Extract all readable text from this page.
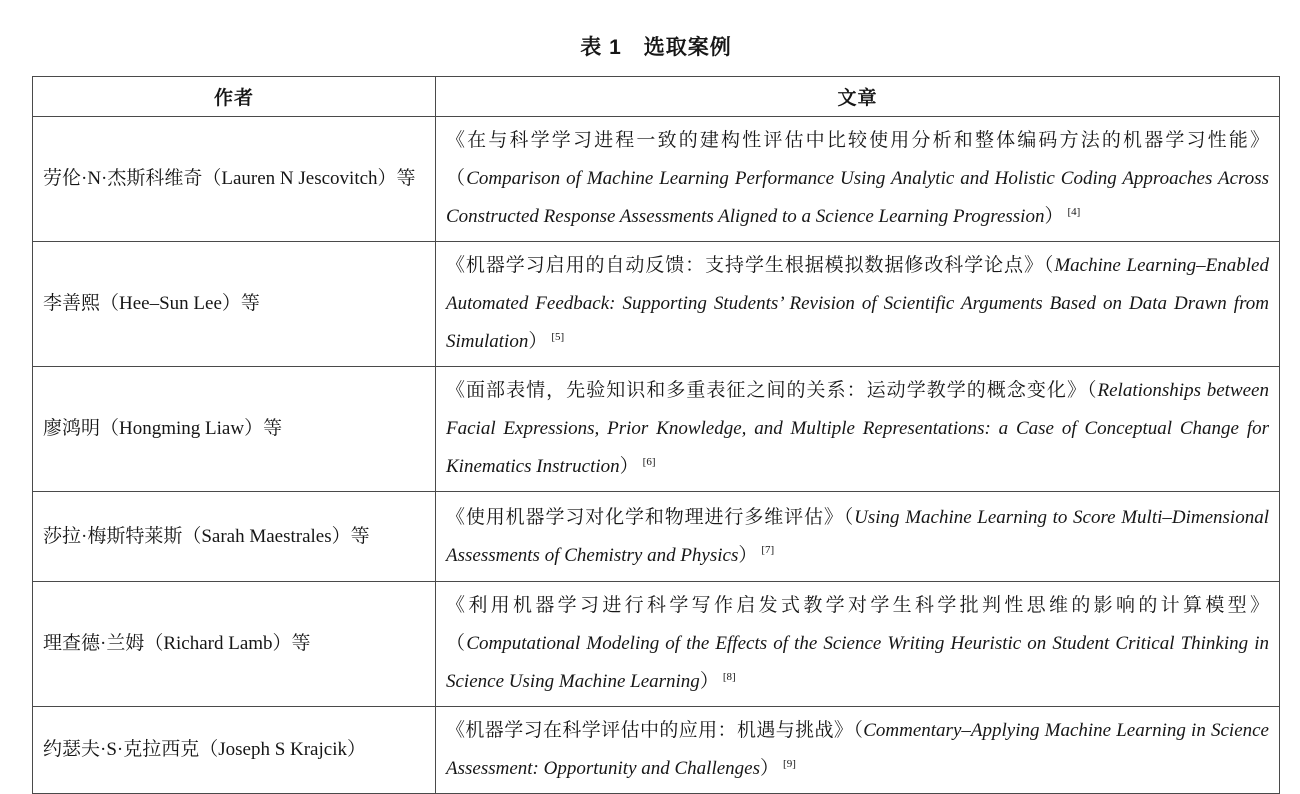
表 1　选取案例
作者	文章
劳伦·N·杰斯科维奇（Lauren N Jescovitch）等	《在与科学学习进程一致的建构性评估中比较使用分析和整体编码方法的机器学习性能》（Comparison of Machine Learning Performance Using Analytic and Holistic Coding Approaches Across Constructed Response Assessments Aligned to a Science Learning Progression） [4]
李善熙（Hee–Sun Lee）等	《机器学习启用的自动反馈：支持学生根据模拟数据修改科学论点》（Machine Learning–Enabled Automated Feedback: Supporting Students’ Revision of Scientific Arguments Based on Data Drawn from Simulation） [5]
廖鸿明（Hongming Liaw）等	《面部表情，先验知识和多重表征之间的关系：运动学教学的概念变化》（Relationships between Facial Expressions, Prior Knowledge, and Multiple Representations: a Case of Conceptual Change for Kinematics Instruction） [6]
莎拉·梅斯特莱斯（Sarah Maestrales）等	《使用机器学习对化学和物理进行多维评估》（Using Machine Learning to Score Multi–Dimensional Assessments of Chemistry and Physics） [7]
理查德·兰姆（Richard Lamb）等	《利用机器学习进行科学写作启发式教学对学生科学批判性思维的影响的计算模型》（Computational Modeling of the Effects of the Science Writing Heuristic on Student Critical Thinking in Science Using Machine Learning） [8]
约瑟夫·S·克拉西克（Joseph S Krajcik）	《机器学习在科学评估中的应用：机遇与挑战》（Commentary–Applying Machine Learning in Science Assessment: Opportunity and Challenges） [9]
